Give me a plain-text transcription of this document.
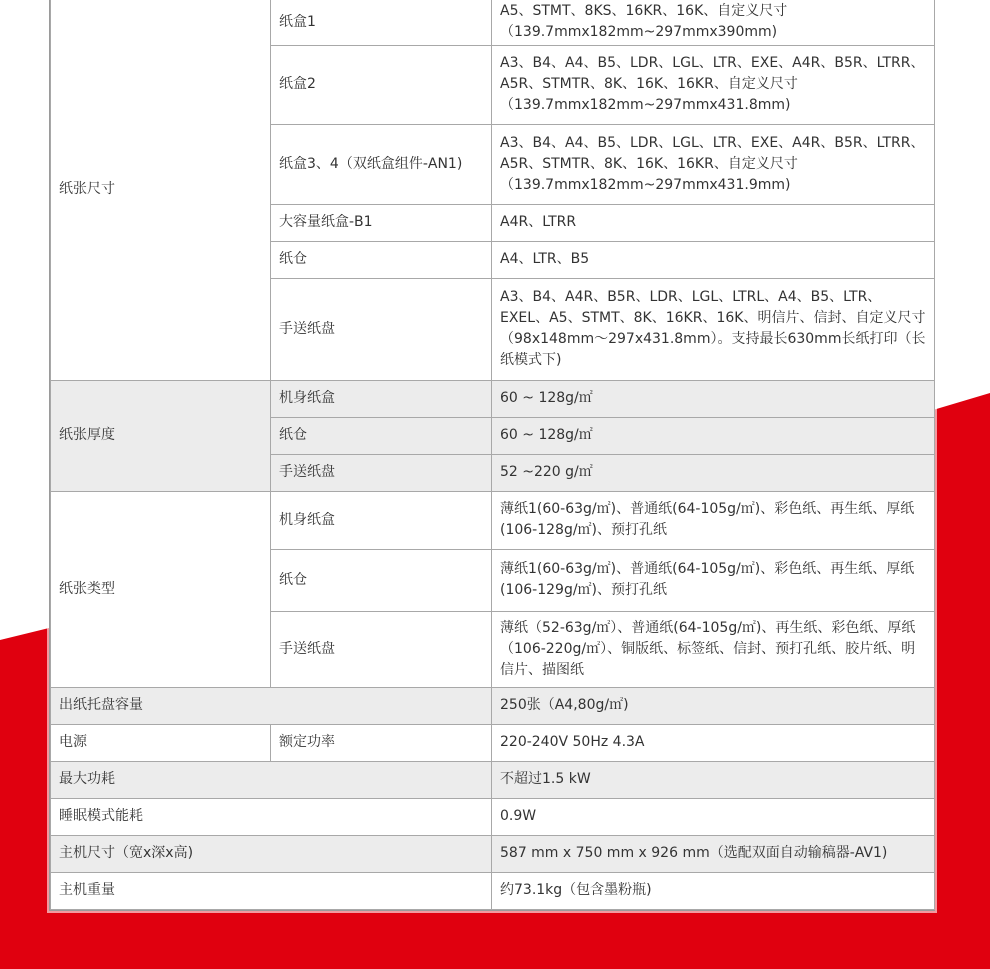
纸张尺寸	纸盒1	A5、STMT、8KS、16KR、16K、自定义尺寸
（139.7mmx182mm~297mmx390mm)
	纸盒2	A3、B4、A4、B5、LDR、LGL、LTR、EXE、A4R、B5R、LTRR、A5R、STMTR、8K、16K、16KR、自定义尺寸
（139.7mmx182mm~297mmx431.8mm)
	纸盒3、4（双纸盒组件-AN1)	A3、B4、A4、B5、LDR、LGL、LTR、EXE、A4R、B5R、LTRR、A5R、STMTR、8K、16K、16KR、自定义尺寸
（139.7mmx182mm~297mmx431.9mm)
	大容量纸盒-B1	A4R、LTRR
	纸仓	A4、LTR、B5
	手送纸盘	A3、B4、A4R、B5R、LDR、LGL、LTRL、A4、B5、LTR、EXEL、A5、STMT、8K、16KR、16K、明信片、信封、自定义尺寸（98x148mm～297x431.8mm）。支持最长630mm长纸打印（长纸模式下)
纸张厚度	机身纸盒	60 ~ 128g/㎡
	纸仓	60 ~ 128g/㎡
	手送纸盘	52 ~220 g/㎡
纸张类型	机身纸盒	薄纸1(60-63g/㎡)、普通纸(64-105g/㎡)、彩色纸、再生纸、厚纸(106-128g/㎡)、预打孔纸
	纸仓	薄纸1(60-63g/㎡)、普通纸(64-105g/㎡)、彩色纸、再生纸、厚纸(106-129g/㎡)、预打孔纸
	手送纸盘	薄纸（52-63g/㎡）、普通纸(64-105g/㎡)、再生纸、彩色纸、厚纸（106-220g/㎡）、铜版纸、标签纸、信封、预打孔纸、胶片纸、明信片、描图纸
出纸托盘容量		250张（A4,80g/㎡)
电源	额定功率	220-240V 50Hz 4.3A
最大功耗		不超过1.5 kW
睡眠模式能耗		0.9W
主机尺寸（宽x深x高)		587 mm x 750 mm x 926 mm（选配双面自动输稿器-AV1)
主机重量		约73.1kg（包含墨粉瓶)
